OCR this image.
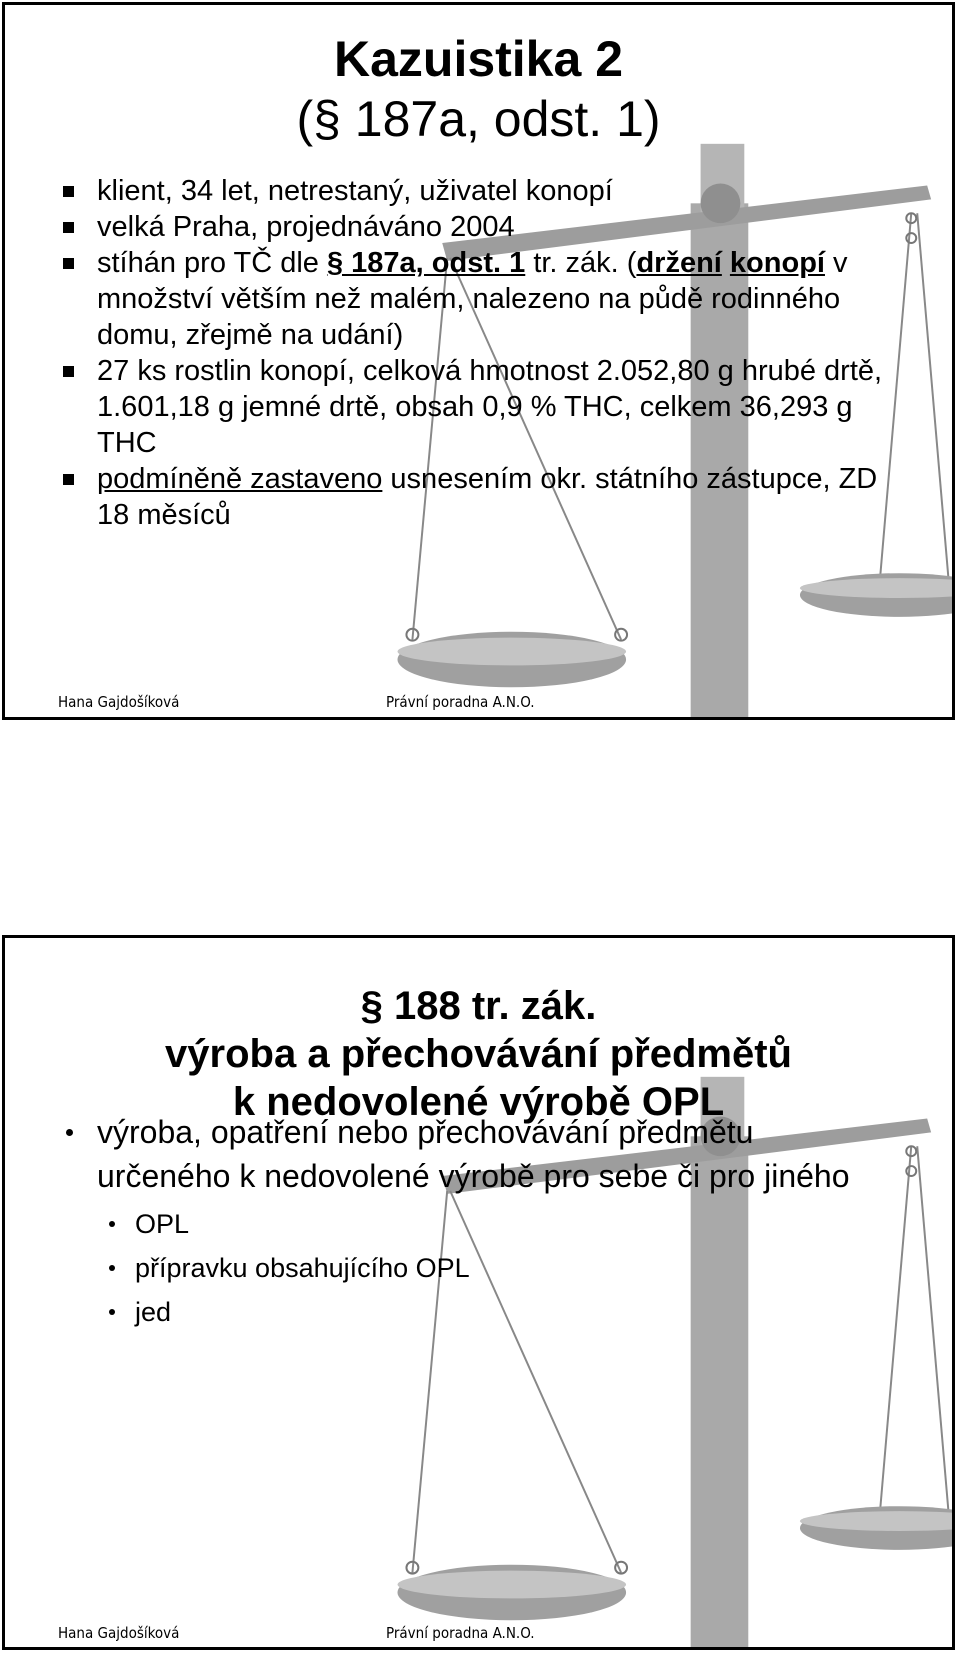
Kazuistika 2
(§ 187a, odst. 1)
klient, 34 let, netrestaný, uživatel konopí
velká Praha, projednáváno 2004
stíhán pro TČ dle § 187a, odst. 1 tr. zák. (držení konopí v množství větším než malém, nalezeno na půdě rodinného domu, zřejmě na udání)
27 ks rostlin konopí, celková hmotnost 2.052,80 g hrubé drtě, 1.601,18 g jemné drtě, obsah 0,9 % THC, celkem 36,293 g THC
podmíněně zastaveno usnesením okr. státního zástupce, ZD 18 měsíců
Hana Gajdošíková	Právní poradna A.N.O.
§ 188 tr. zák.
výroba a přechovávání předmětů
k nedovolené výrobě OPL
výroba, opatření nebo přechovávání předmětu určeného k nedovolené výrobě pro sebe či pro jiného
OPL
přípravku obsahujícího OPL
jed
Hana Gajdošíková	Právní poradna A.N.O.
